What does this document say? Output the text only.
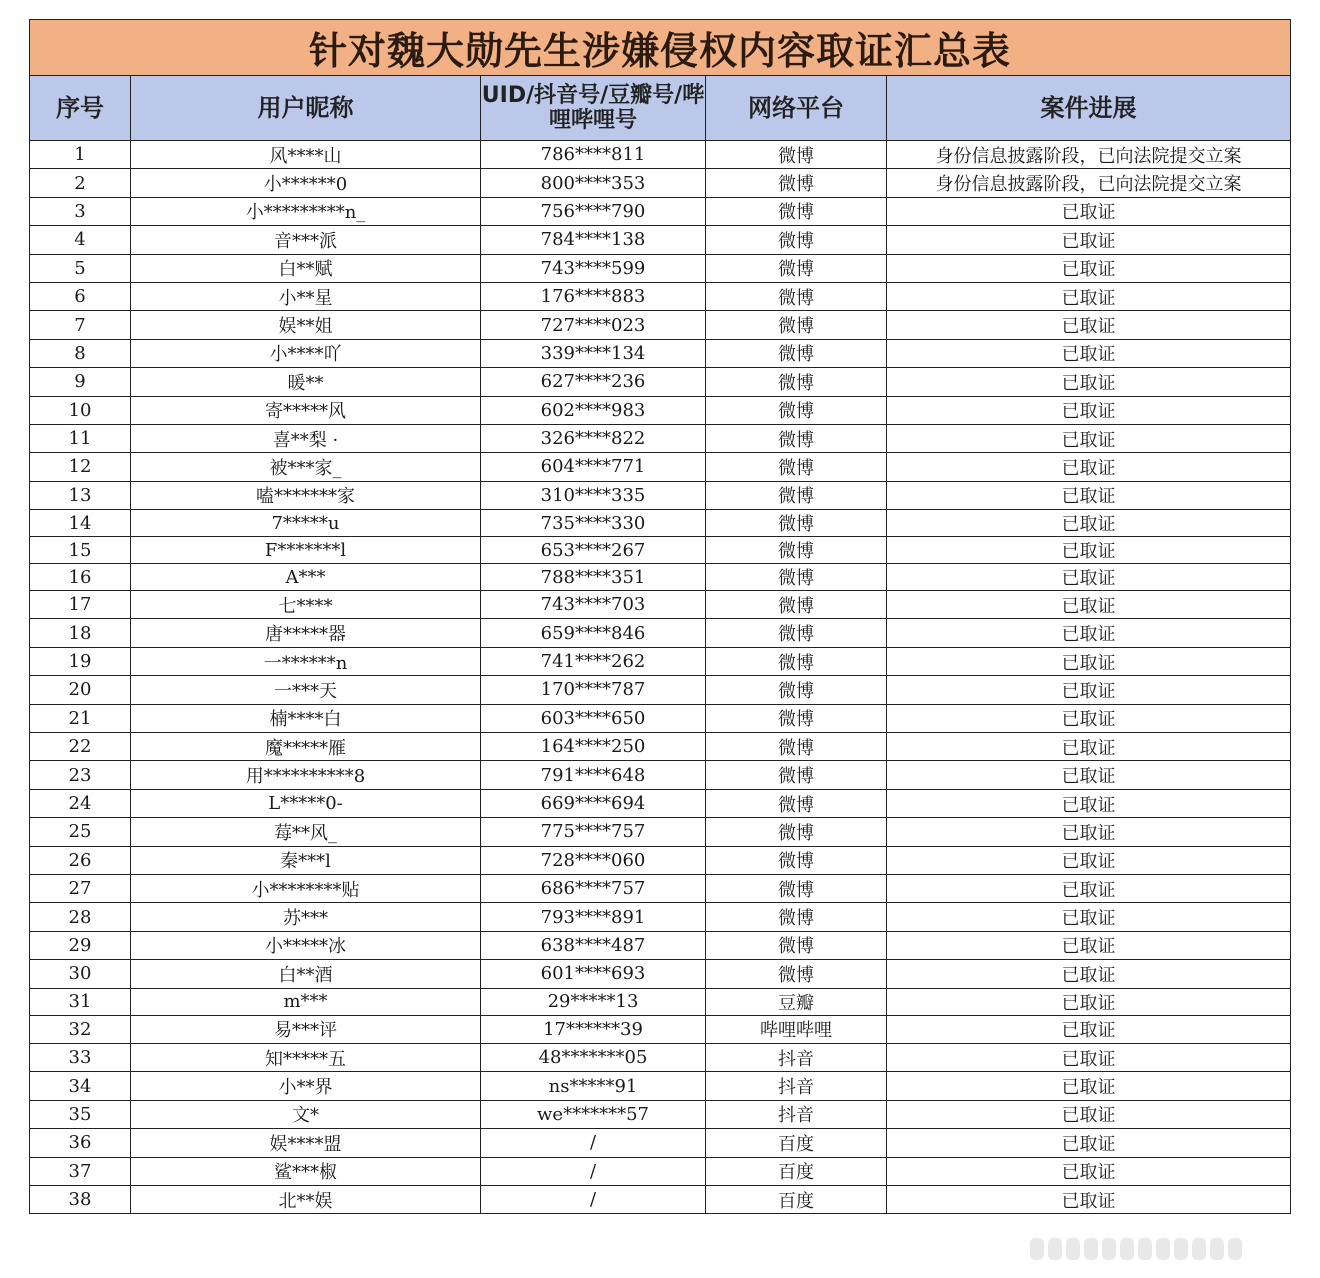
针对魏大勋先生涉嫌侵权内容取证汇总表				
序号	用户昵称	UID/抖音号/豆瓣号/哔哩哔哩号	网络平台	案件进展
1	风****山	786****811	微博	身份信息披露阶段，已向法院提交立案
2	小******0	800****353	微博	身份信息披露阶段，已向法院提交立案
3	小*********n_	756****790	微博	已取证
4	音***派	784****138	微博	已取证
5	白**赋	743****599	微博	已取证
6	小**星	176****883	微博	已取证
7	娱**姐	727****023	微博	已取证
8	小****吖	339****134	微博	已取证
9	暖**	627****236	微博	已取证
10	寄*****风	602****983	微博	已取证
11	喜**梨 ·	326****822	微博	已取证
12	被***家_	604****771	微博	已取证
13	嗑*******家	310****335	微博	已取证
14	7*****u	735****330	微博	已取证
15	F*******l	653****267	微博	已取证
16	A***	788****351	微博	已取证
17	七****	743****703	微博	已取证
18	唐*****器	659****846	微博	已取证
19	一******n	741****262	微博	已取证
20	一***天	170****787	微博	已取证
21	楠****白	603****650	微博	已取证
22	魔*****雁	164****250	微博	已取证
23	用**********8	791****648	微博	已取证
24	L*****0-	669****694	微博	已取证
25	莓**风_	775****757	微博	已取证
26	秦***l	728****060	微博	已取证
27	小********贴	686****757	微博	已取证
28	苏***	793****891	微博	已取证
29	小*****冰	638****487	微博	已取证
30	白**酒	601****693	微博	已取证
31	m***	29*****13	豆瓣	已取证
32	易***评	17******39	哔哩哔哩	已取证
33	知*****五	48*******05	抖音	已取证
34	小**界	ns*****91	抖音	已取证
35	文*	we*******57	抖音	已取证
36	娱****盟	/	百度	已取证
37	鲨***椒	/	百度	已取证
38	北**娱	/	百度	已取证
